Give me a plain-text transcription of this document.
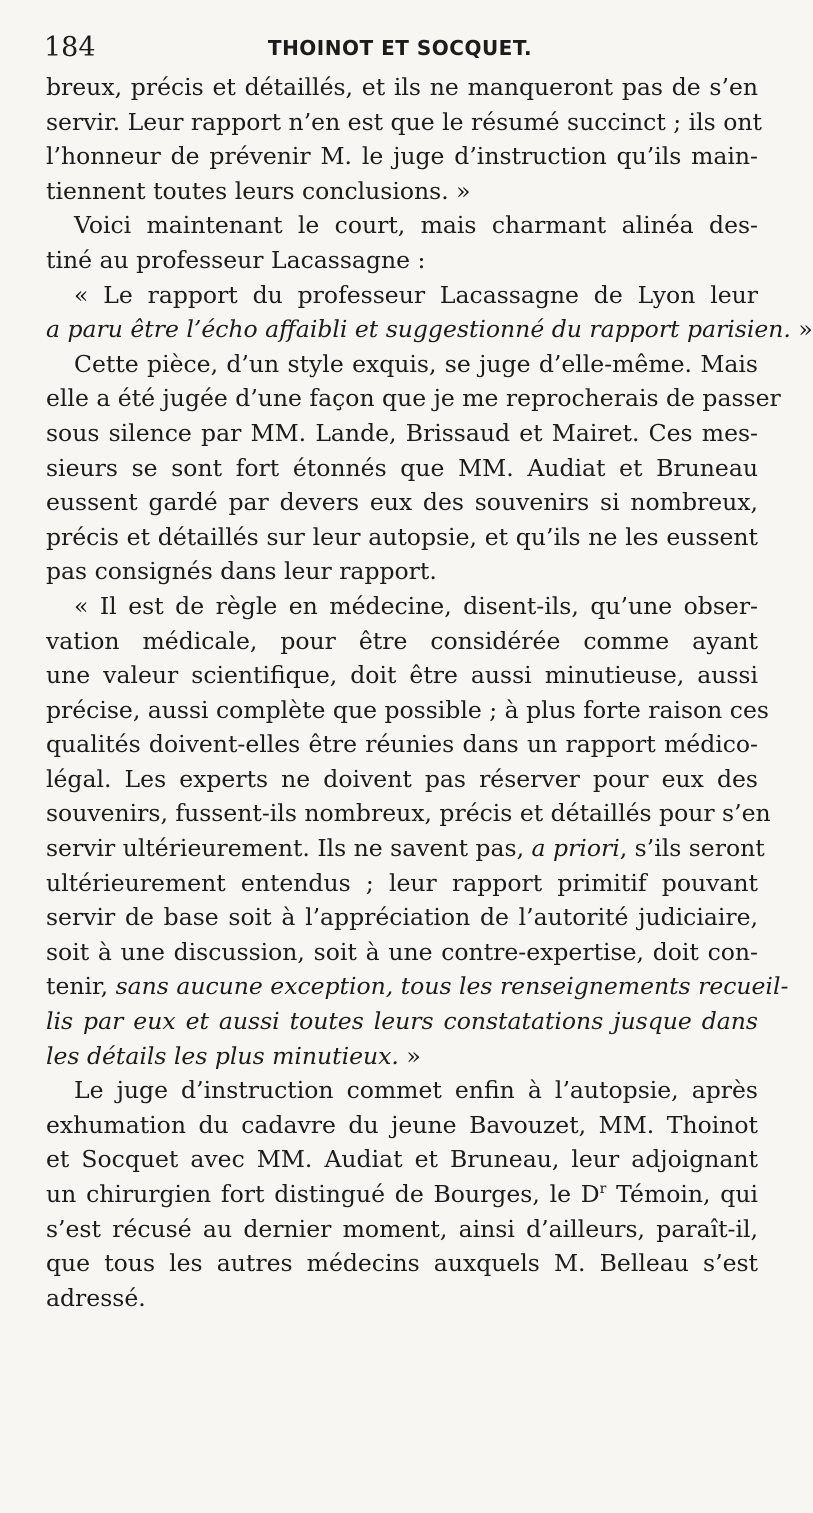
184	THOINOT ET SOCQUET.
breux, précis et détaillés, et ils ne manqueront pas de s’en
servir. Leur rapport n’en est que le résumé succinct ; ils ont
l’honneur de prévenir M. le juge d’instruction qu’ils main-
tiennent toutes leurs conclusions. »
Voici maintenant le court, mais charmant alinéa des-
tiné au professeur Lacassagne :
« Le rapport du professeur Lacassagne de Lyon leur
a paru être l’écho affaibli et suggestionné du rapport parisien. »
Cette pièce, d’un style exquis, se juge d’elle-même. Mais
elle a été jugée d’une façon que je me reprocherais de passer
sous silence par MM. Lande, Brissaud et Mairet. Ces mes-
sieurs se sont fort étonnés que MM. Audiat et Bruneau
eussent gardé par devers eux des souvenirs si nombreux,
précis et détaillés sur leur autopsie, et qu’ils ne les eussent
pas consignés dans leur rapport.
« Il est de règle en médecine, disent-ils, qu’une obser-
vation médicale, pour être considérée comme ayant
une valeur scientifique, doit être aussi minutieuse, aussi
précise, aussi complète que possible ; à plus forte raison ces
qualités doivent-elles être réunies dans un rapport médico-
légal. Les experts ne doivent pas réserver pour eux des
souvenirs, fussent-ils nombreux, précis et détaillés pour s’en
servir ultérieurement. Ils ne savent pas, a priori, s’ils seront
ultérieurement entendus ; leur rapport primitif pouvant
servir de base soit à l’appréciation de l’autorité judiciaire,
soit à une discussion, soit à une contre-expertise, doit con-
tenir, sans aucune exception, tous les renseignements recueil-
lis par eux et aussi toutes leurs constatations jusque dans
les détails les plus minutieux. »
Le juge d’instruction commet enfin à l’autopsie, après
exhumation du cadavre du jeune Bavouzet, MM. Thoinot
et Socquet avec MM. Audiat et Bruneau, leur adjoignant
un chirurgien fort distingué de Bourges, le $D^r$ Témoin, qui
s’est récusé au dernier moment, ainsi d’ailleurs, paraît-il,
que tous les autres médecins auxquels M. Belleau s’est
adressé.
